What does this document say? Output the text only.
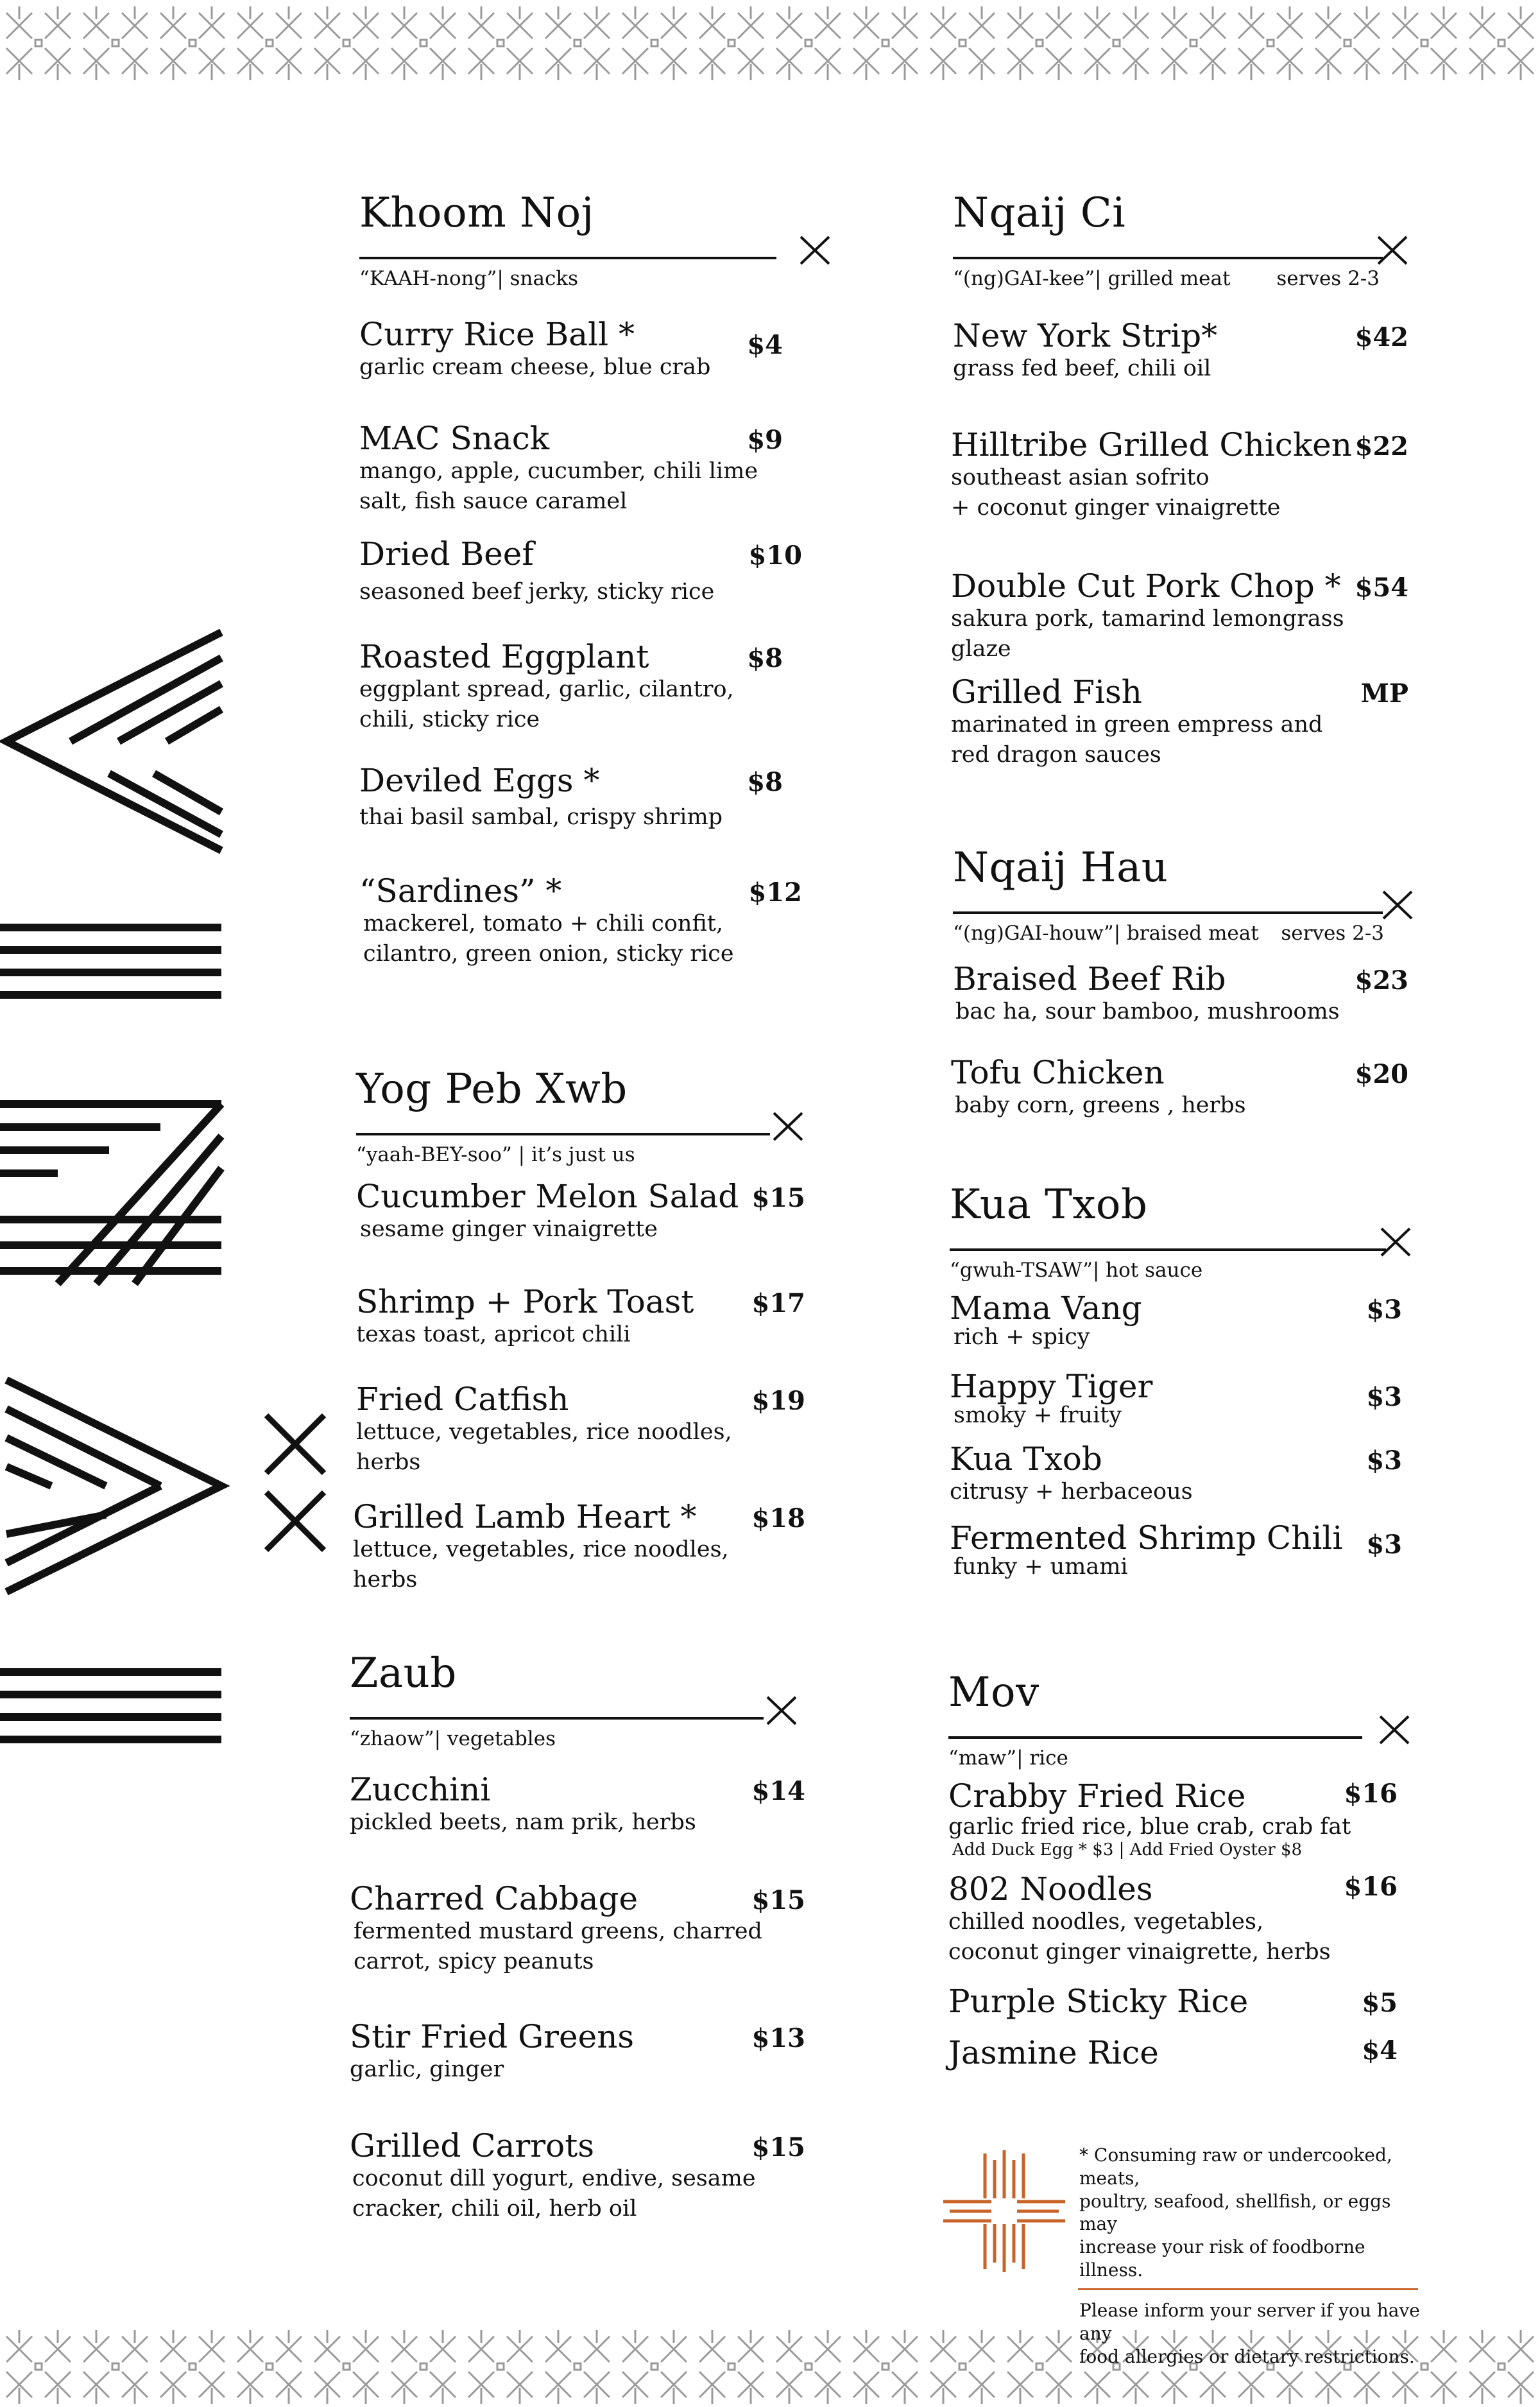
Khoom Noj
“KAAH-nong”| snacks
Curry Rice Ball *
garlic cream cheese, blue crab
$4
MAC Snack
mango, apple, cucumber, chili lime
salt, fish sauce caramel
$9
Dried Beef
seasoned beef jerky, sticky rice
$10
Roasted Eggplant
eggplant spread, garlic, cilantro,
chili, sticky rice
$8
Deviled Eggs *
thai basil sambal, crispy shrimp
$8
“Sardines” *
mackerel, tomato + chili confit,
cilantro, green onion, sticky rice
$12
Yog Peb Xwb
“yaah-BEY-soo” | it’s just us
Cucumber Melon Salad
sesame ginger vinaigrette
$15
Shrimp + Pork Toast
texas toast, apricot chili
$17
Fried Catfish
lettuce, vegetables, rice noodles,
herbs
$19
Grilled Lamb Heart *
lettuce, vegetables, rice noodles,
herbs
$18
Zaub
“zhaow”| vegetables
Zucchini
pickled beets, nam prik, herbs
$14
Charred Cabbage
fermented mustard greens, charred
carrot, spicy peanuts
$15
Stir Fried Greens
garlic, ginger
$13
Grilled Carrots
coconut dill yogurt, endive, sesame
cracker, chili oil, herb oil
$15
Nqaij Ci
“(ng)GAI-kee”| grilled meat serves 2-3
New York Strip*
grass fed beef, chili oil
$42
Hilltribe Grilled Chicken
southeast asian sofrito
+ coconut ginger vinaigrette
$22
Double Cut Pork Chop *
sakura pork, tamarind lemongrass
glaze
$54
Grilled Fish
marinated in green empress and
red dragon sauces
MP
Nqaij Hau
“(ng)GAI-houw”| braised meat serves 2-3
Braised Beef Rib
bac ha, sour bamboo, mushrooms
$23
Tofu Chicken
baby corn, greens , herbs
$20
Kua Txob
“gwuh-TSAW”| hot sauce
Mama Vang
rich + spicy
$3
Happy Tiger
smoky + fruity
$3
Kua Txob
citrusy + herbaceous
$3
Fermented Shrimp Chili
funky + umami
$3
Mov
“maw”| rice
Crabby Fried Rice
garlic fried rice, blue crab, crab fat
Add Duck Egg * $3 | Add Fried Oyster $8
$16
802 Noodles
chilled noodles, vegetables,
coconut ginger vinaigrette, herbs
$16
Purple Sticky Rice	$5
Jasmine Rice	$4

* Consuming raw or undercooked, meats,

poultry, seafood, shellfish, or eggs may

increase your risk of foodborne illness.

Please inform your server if you have any

food allergies or dietary restrictions.
